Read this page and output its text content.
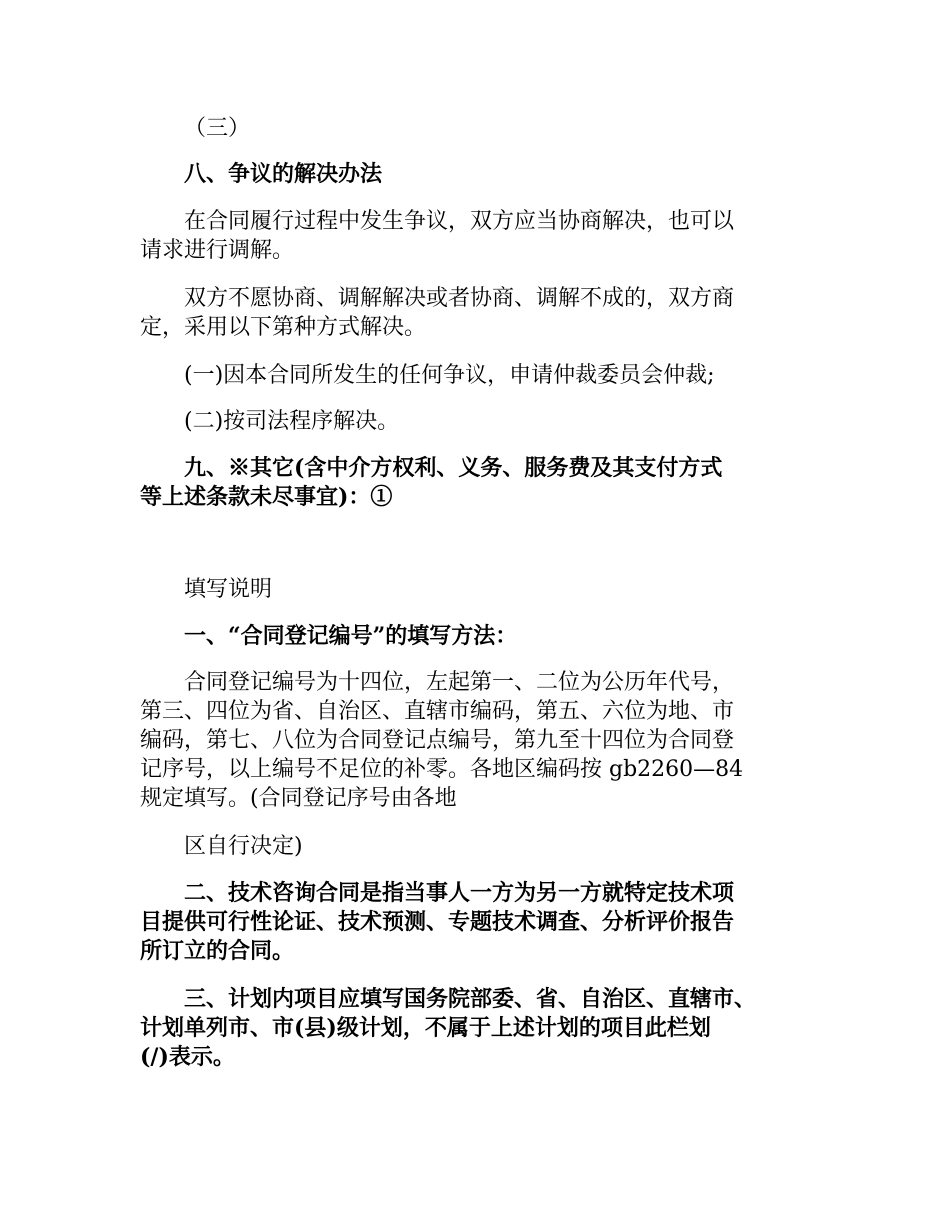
（三）

八、争议的解决办法

在合同履行过程中发生争议，双方应当协商解决，也可以

请求进行调解。

双方不愿协商、调解解决或者协商、调解不成的，双方商

定，采用以下第种方式解决。

(一)因本合同所发生的任何争议，申请仲裁委员会仲裁;

(二)按司法程序解决。

九、※其它(含中介方权利、义务、服务费及其支付方式

等上述条款未尽事宜)：①

填写说明

一、“合同登记编号”的填写方法：

合同登记编号为十四位，左起第一、二位为公历年代号，

第三、四位为省、自治区、直辖市编码，第五、六位为地、市

编码，第七、八位为合同登记点编号，第九至十四位为合同登

记序号，以上编号不足位的补零。各地区编码按 gb2260—84

规定填写。(合同登记序号由各地

区自行决定)

二、技术咨询合同是指当事人一方为另一方就特定技术项

目提供可行性论证、技术预测、专题技术调查、分析评价报告

所订立的合同。

三、计划内项目应填写国务院部委、省、自治区、直辖市、

计划单列市、市(县)级计划，不属于上述计划的项目此栏划

(/)表示。
